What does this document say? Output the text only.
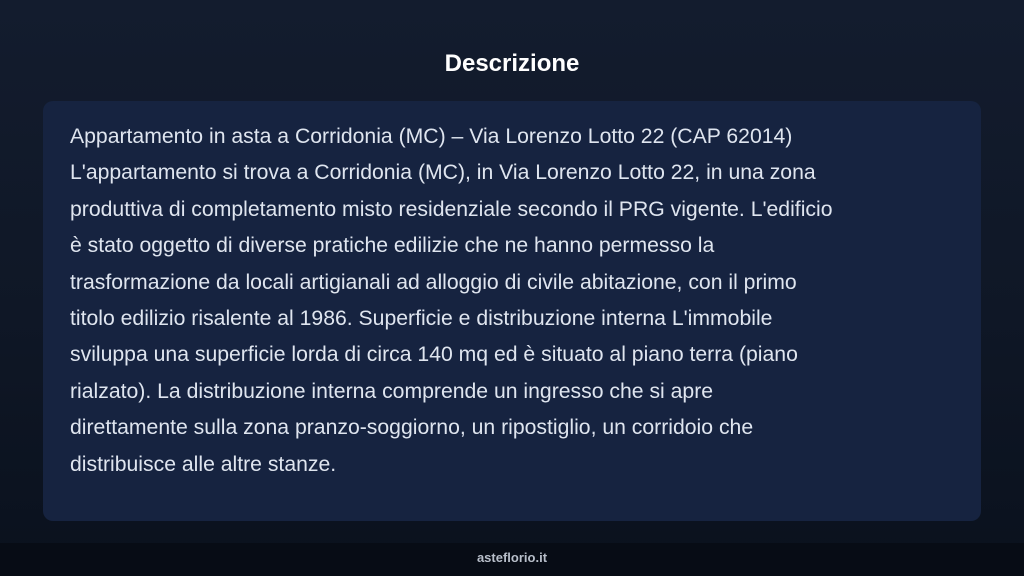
Descrizione

Appartamento in asta a Corridonia (MC) – Via Lorenzo Lotto 22 (CAP 62014)
L'appartamento si trova a Corridonia (MC), in Via Lorenzo Lotto 22, in una zona
produttiva di completamento misto residenziale secondo il PRG vigente. L'edificio
è stato oggetto di diverse pratiche edilizie che ne hanno permesso la
trasformazione da locali artigianali ad alloggio di civile abitazione, con il primo
titolo edilizio risalente al 1986. Superficie e distribuzione interna L'immobile
sviluppa una superficie lorda di circa 140 mq ed è situato al piano terra (piano
rialzato). La distribuzione interna comprende un ingresso che si apre
direttamente sulla zona pranzo-soggiorno, un ripostiglio, un corridoio che
distribuisce alle altre stanze.

asteflorio.it
